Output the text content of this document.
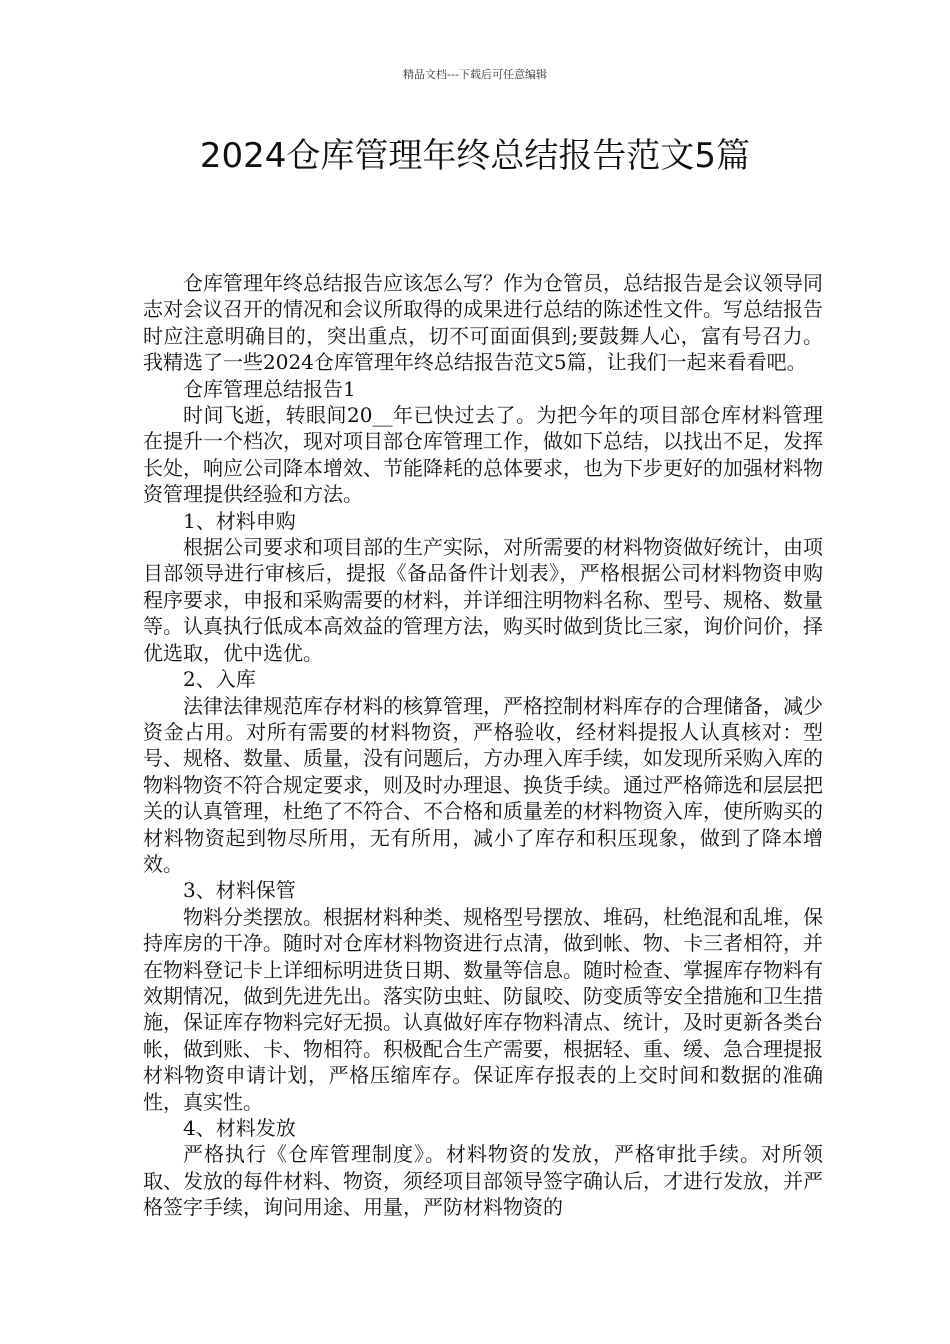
精品文档---下载后可任意编辑
2024仓库管理年终总结报告范文5篇

仓库管理年终总结报告应该怎么写？作为仓管员，总结报告是会议领导同志对会议召开的情况和会议所取得的成果进行总结的陈述性文件。写总结报告时应注意明确目的，突出重点，切不可面面俱到;要鼓舞人心，富有号召力。我精选了一些2024仓库管理年终总结报告范文5篇，让我们一起来看看吧。

仓库管理总结报告1

时间飞逝，转眼间20__年已快过去了。为把今年的项目部仓库材料管理在提升一个档次，现对项目部仓库管理工作，做如下总结，以找出不足，发挥长处，响应公司降本增效、节能降耗的总体要求，也为下步更好的加强材料物资管理提供经验和方法。

1、材料申购

根据公司要求和项目部的生产实际，对所需要的材料物资做好统计，由项目部领导进行审核后，提报《备品备件计划表》，严格根据公司材料物资申购程序要求，申报和采购需要的材料，并详细注明物料名称、型号、规格、数量等。认真执行低成本高效益的管理方法，购买时做到货比三家，询价问价，择优选取，优中选优。

2、入库

法律法律规范库存材料的核算管理，严格控制材料库存的合理储备，减少资金占用。对所有需要的材料物资，严格验收，经材料提报人认真核对：型号、规格、数量、质量，没有问题后，方办理入库手续，如发现所采购入库的物料物资不符合规定要求，则及时办理退、换货手续。通过严格筛选和层层把关的认真管理，杜绝了不符合、不合格和质量差的材料物资入库，使所购买的材料物资起到物尽所用，无有所用，减小了库存和积压现象，做到了降本增效。

3、材料保管

物料分类摆放。根据材料种类、规格型号摆放、堆码，杜绝混和乱堆，保持库房的干净。随时对仓库材料物资进行点清，做到帐、物、卡三者相符，并在物料登记卡上详细标明进货日期、数量等信息。随时检查、掌握库存物料有效期情况，做到先进先出。落实防虫蛀、防鼠咬、防变质等安全措施和卫生措施，保证库存物料完好无损。认真做好库存物料清点、统计，及时更新各类台帐，做到账、卡、物相符。积极配合生产需要，根据轻、重、缓、急合理提报材料物资申请计划，严格压缩库存。保证库存报表的上交时间和数据的准确性，真实性。

4、材料发放

严格执行《仓库管理制度》。材料物资的发放，严格审批手续。对所领取、发放的每件材料、物资，须经项目部领导签字确认后，才进行发放，并严格签字手续，询问用途、用量，严防材料物资的
